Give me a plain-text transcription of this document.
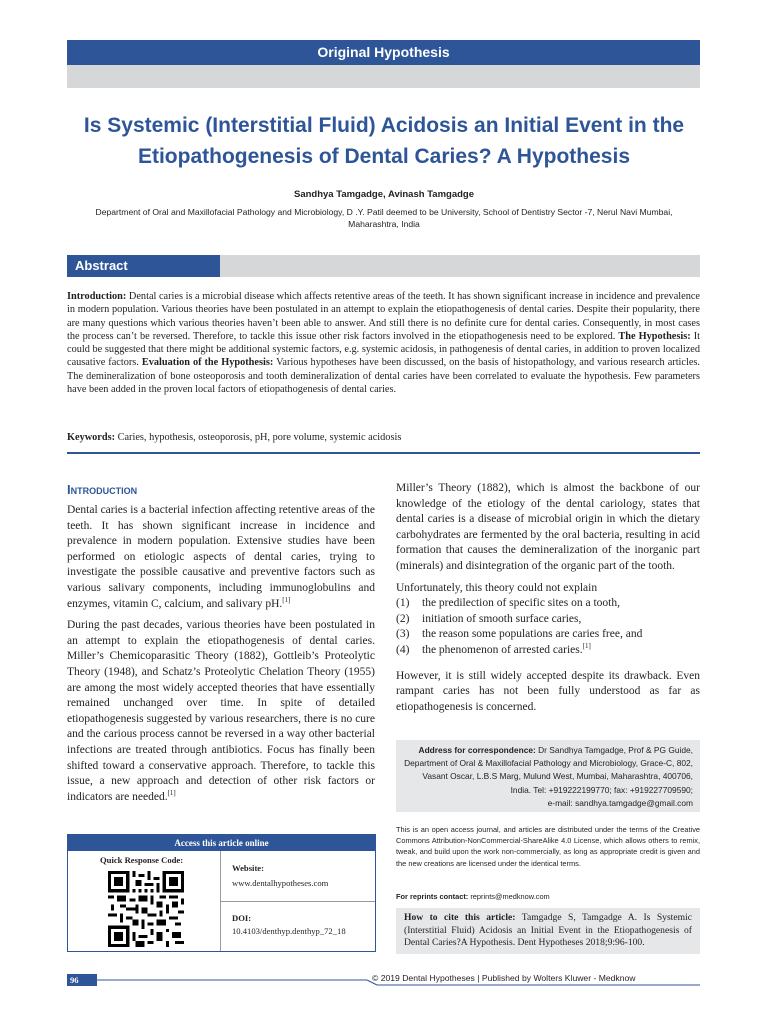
Original Hypothesis
Is Systemic (Interstitial Fluid) Acidosis an Initial Event in the
Etiopathogenesis of Dental Caries? A Hypothesis
Sandhya Tamgadge, Avinash Tamgadge
Department of Oral and Maxillofacial Pathology and Microbiology, D .Y. Patil deemed to be University, School of Dentistry Sector -7, Nerul Navi Mumbai,
Maharashtra, India
Abstract
Introduction: Dental caries is a microbial disease which affects retentive areas of the teeth. It has shown significant increase in incidence and prevalence in modern population. Various theories have been postulated in an attempt to explain the etiopathogenesis of dental caries. Despite their popularity, there are many questions which various theories haven’t been able to answer. And still there is no definite cure for dental caries. Consequently, in most cases the process can’t be reversed. Therefore, to tackle this issue other risk factors involved in the etiopathogenesis need to be explored. The Hypothesis: It could be suggested that there might be additional systemic factors, e.g. systemic acidosis, in pathogenesis of dental caries, in addition to proven localized causative factors. Evaluation of the Hypothesis: Various hypotheses have been discussed, on the basis of histopathology, and various research articles. The demineralization of bone osteoporosis and tooth demineralization of dental caries have been correlated to evaluate the hypothesis. Few parameters have been added in the proven local factors of etiopathogenesis of dental caries.
Keywords: Caries, hypothesis, osteoporosis, pH, pore volume, systemic acidosis
Introduction

Dental caries is a bacterial infection affecting retentive areas of the teeth. It has shown significant increase in incidence and prevalence in modern population. Extensive studies have been performed on etiologic aspects of dental caries, trying to investigate the possible causative and preventive factors such as various salivary components, including immunoglobulins and enzymes, vitamin C, calcium, and salivary pH.[1]

During the past decades, various theories have been postulated in an attempt to explain the etiopathogenesis of dental caries. Miller’s Chemicoparasitic Theory (1882), Gottleib’s Proteolytic Theory (1948), and Schatz’s Proteolytic Chelation Theory (1955) are among the most widely accepted theories that have essentially remained unchanged over time. In spite of detailed etiopathogenesis suggested by various researchers, there is no cure and the carious process cannot be reversed in a way other bacterial infections are treated through antibiotics. Focus has finally been shifted toward a conservative approach. Therefore, to tackle this issue, a new approach and detection of other risk factors or indicators are needed.[1]

Miller’s Theory (1882), which is almost the backbone of our knowledge of the etiology of the dental cariology, states that dental caries is a disease of microbial origin in which the dietary carbohydrates are fermented by the oral bacteria, resulting in acid formation that causes the demineralization of the inorganic part (minerals) and disintegration of the organic part of the tooth.

Unfortunately, this theory could not explain

(1)	the predilection of specific sites on a tooth,
(2)	initiation of smooth surface caries,
(3)	the reason some populations are caries free, and
(4)	the phenomenon of arrested caries.[1]

However, it is still widely accepted despite its drawback. Even rampant caries has not been fully understood as far as etiopathogenesis is concerned.

Address for correspondence: Dr Sandhya Tamgadge, Prof & PG Guide,
Department of Oral & Maxillofacial Pathology and Microbiology, Grace-C, 802,
Vasant Oscar, L.B.S Marg, Mulund West, Mumbai, Maharashtra, 400706,
India. Tel: +919222199770; fax: +919227709590;
e-mail: sandhya.tamgadge@gmail.com
This is an open access journal, and articles are distributed under the terms of the Creative Commons Attribution-NonCommercial-ShareAlike 4.0 License, which allows others to remix, tweak, and build upon the work non-commercially, as long as appropriate credit is given and the new creations are licensed under the identical terms.
For reprints contact: reprints@medknow.com
How to cite this article: Tamgadge S, Tamgadge A. Is Systemic (Interstitial Fluid) Acidosis an Initial Event in the Etiopathogenesis of Dental Caries?A Hypothesis. Dent Hypotheses 2018;9:96-100.
Access this article online
Quick Response Code:
Website:
www.dentalhypotheses.com
DOI:
10.4103/denthyp.denthyp_72_18
96	© 2019 Dental Hypotheses | Published by Wolters Kluwer - Medknow
